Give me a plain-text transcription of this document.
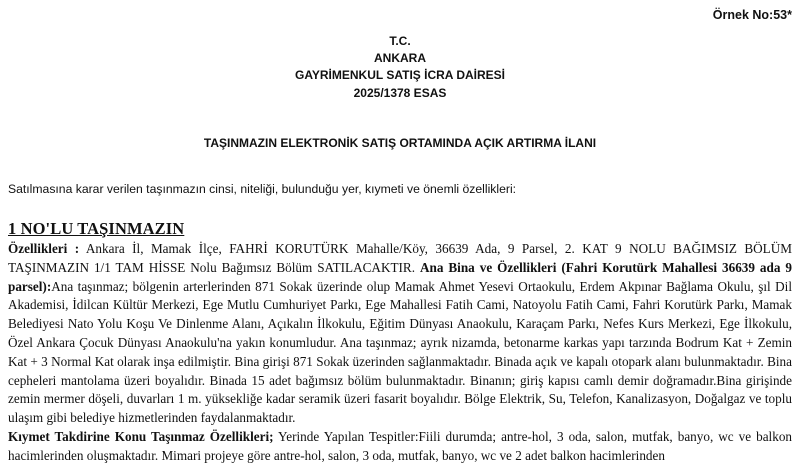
Örnek No:53*
T.C.
ANKARA
GAYRİMENKUL SATIŞ İCRA DAİRESİ
2025/1378 ESAS
TAŞINMAZIN ELEKTRONİK SATIŞ ORTAMINDA AÇIK ARTIRMA İLANI
Satılmasına karar verilen taşınmazın cinsi, niteliği, bulunduğu yer, kıymeti ve önemli özellikleri:
1 NO'LU TAŞINMAZIN

Özellikleri : Ankara İl, Mamak İlçe, FAHRİ KORUTÜRK Mahalle/Köy, 36639 Ada, 9 Parsel, 2. KAT 9 NOLU BAĞIMSIZ BÖLÜM TAŞINMAZIN 1/1 TAM HİSSE Nolu Bağımsız Bölüm SATILACAKTIR. Ana Bina ve Özellikleri (Fahri Korutürk Mahallesi 36639 ada 9 parsel):Ana taşınmaz; bölgenin arterlerinden 871 Sokak üzerinde olup Mamak Ahmet Yesevi Ortaokulu, Erdem Akpınar Bağlama Okulu, şıl Dil Akademisi, İdilcan Kültür Merkezi, Ege Mutlu Cumhuriyet Parkı, Ege Mahallesi Fatih Cami, Natoyolu Fatih Cami, Fahri Korutürk Parkı, Mamak Belediyesi Nato Yolu Koşu Ve Dinlenme Alanı, Açıkalın İlkokulu, Eğitim Dünyası Anaokulu, Karaçam Parkı, Nefes Kurs Merkezi, Ege İlkokulu, Özel Ankara Çocuk Dünyası Anaokulu'na yakın konumludur. Ana taşınmaz; ayrık nizamda, betonarme karkas yapı tarzında Bodrum Kat + Zemin Kat + 3 Normal Kat olarak inşa edilmiştir. Bina girişi 871 Sokak üzerinden sağlanmaktadır. Binada açık ve kapalı otopark alanı bulunmaktadır. Bina cepheleri mantolama üzeri boyalıdır. Binada 15 adet bağımsız bölüm bulunmaktadır. Binanın; giriş kapısı camlı demir doğramadır.Bina girişinde zemin mermer döşeli, duvarları 1 m. yüksekliğe kadar seramik üzeri fasarit boyalıdır. Bölge Elektrik, Su, Telefon, Kanalizasyon, Doğalgaz ve toplu ulaşım gibi belediye hizmetlerinden faydalanmaktadır.

Kıymet Takdirine Konu Taşınmaz Özellikleri; Yerinde Yapılan Tespitler:Fiili durumda; antre-hol, 3 oda, salon, mutfak, banyo, wc ve balkon hacimlerinden oluşmaktadır. Mimari projeye göre antre-hol, salon, 3 oda, mutfak, banyo, wc ve 2 adet balkon hacimlerinden
